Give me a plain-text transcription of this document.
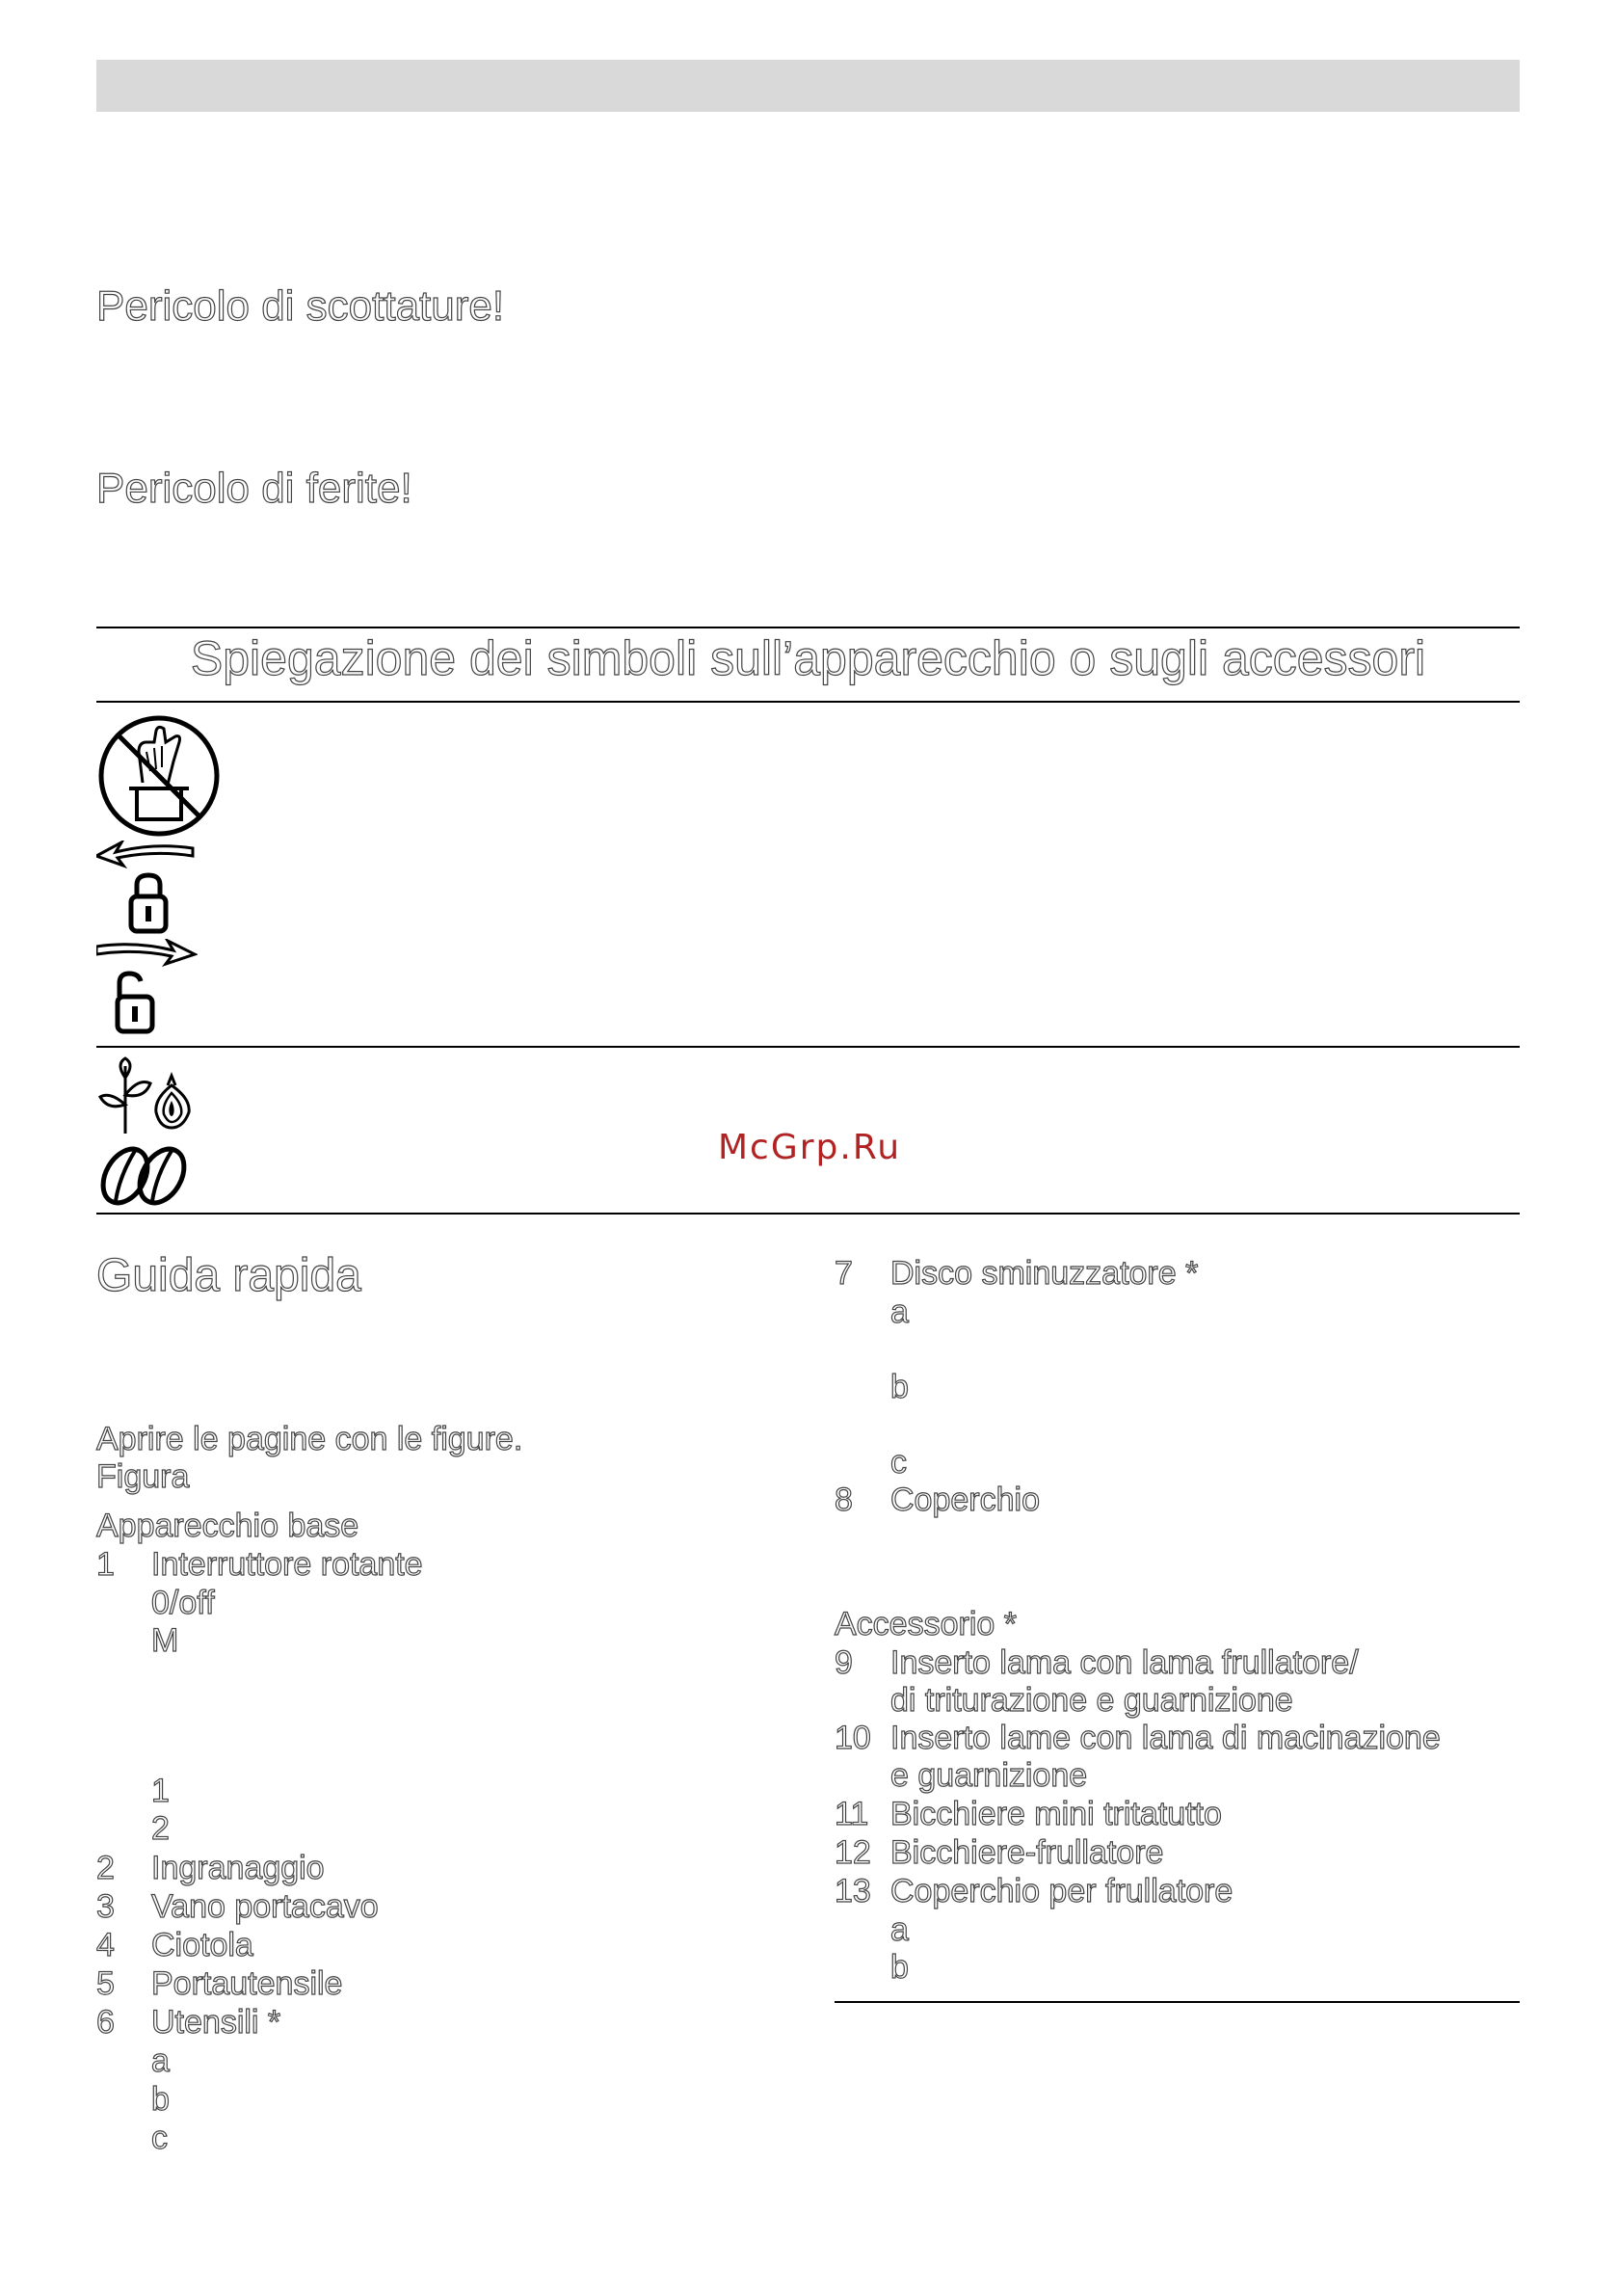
Pericolo di scottature!
Pericolo di ferite!
Spiegazione dei simboli sull’apparecchio o sugli accessori
McGrp.Ru
Guida rapida
Aprire le pagine con le figure.
Figura
Apparecchio base
1 Interruttore rotante
0/off
M
1
2
2 Ingranaggio
3 Vano portacavo
4 Ciotola
5 Portautensile
6 Utensili *
a
b
c
7 Disco sminuzzatore *
a
b
c
8 Coperchio
Accessorio *
9 Inserto lama con lama frullatore/
di triturazione e guarnizione
10 Inserto lame con lama di macinazione
e guarnizione
11 Bicchiere mini tritatutto
12 Bicchiere-frullatore
13 Coperchio per frullatore
a
b
